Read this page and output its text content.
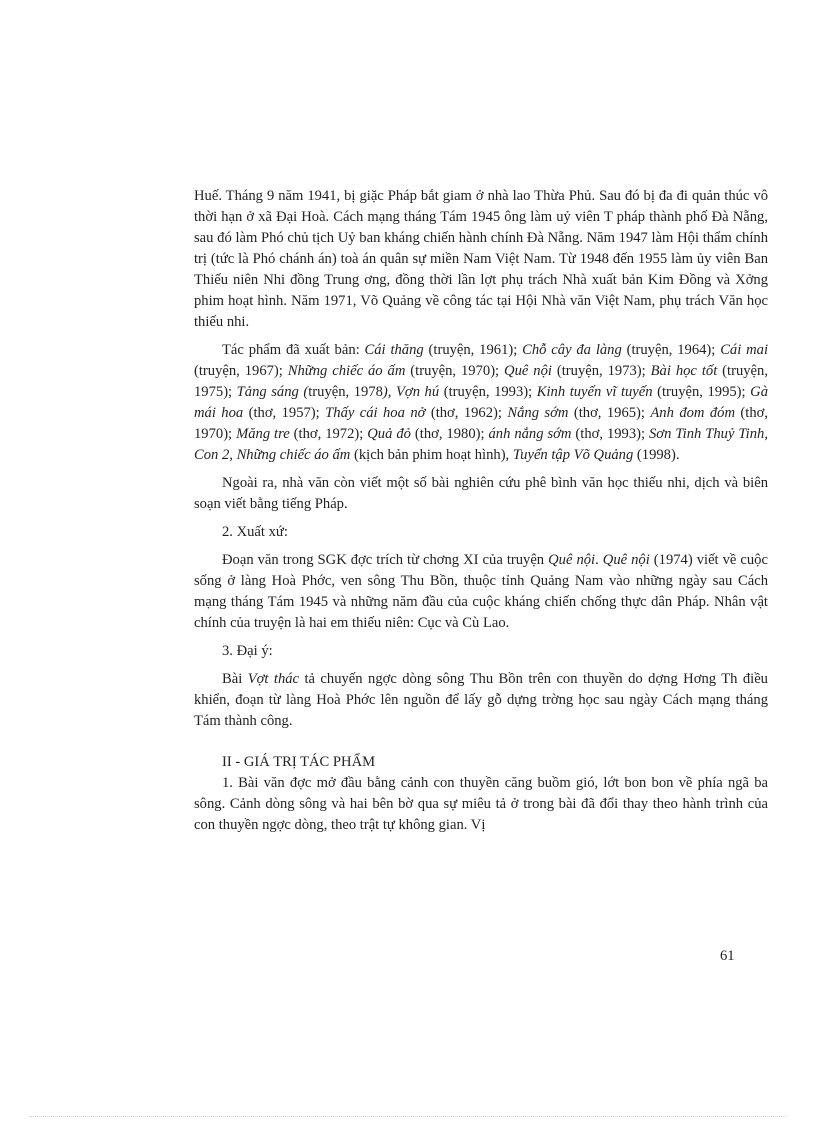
Huế. Tháng 9 năm 1941, bị giặc Pháp bắt giam ở nhà lao Thừa Phủ. Sau đó bị đa đi quản thúc vô thời hạn ở xã Đại Hoà. Cách mạng tháng Tám 1945 ông làm uỷ viên T pháp thành phố Đà Nẵng, sau đó làm Phó chủ tịch Uỷ ban kháng chiến hành chính Đà Nẵng. Năm 1947 làm Hội thẩm chính trị (tức là Phó chánh án) toà án quân sự miền Nam Việt Nam. Từ 1948 đến 1955 làm ủy viên Ban Thiếu niên Nhi đồng Trung ơng, đồng thời lần lợt phụ trách Nhà xuất bản Kim Đồng và Xởng phim hoạt hình. Năm 1971, Võ Quảng về công tác tại Hội Nhà văn Việt Nam, phụ trách Văn học thiếu nhi.

Tác phẩm đã xuất bản: Cái thăng (truyện, 1961); Chỗ cây đa làng (truyện, 1964); Cái mai (truyện, 1967); Những chiếc áo ấm (truyện, 1970); Quê nội (truyện, 1973); Bài học tốt (truyện, 1975); Tảng sáng (truyện, 1978), Vợn hú (truyện, 1993); Kinh tuyến vĩ tuyến (truyện, 1995); Gà mái hoa (thơ, 1957); Thấy cái hoa nở (thơ, 1962); Nắng sớm (thơ, 1965); Anh đom đóm (thơ, 1970); Măng tre (thơ, 1972); Quả đỏ (thơ, 1980); ánh nắng sớm (thơ, 1993); Sơn Tinh Thuỷ Tinh, Con 2, Những chiếc áo ấm (kịch bản phim hoạt hình), Tuyển tập Võ Quảng (1998).

Ngoài ra, nhà văn còn viết một số bài nghiên cứu phê bình văn học thiếu nhi, dịch và biên soạn viết bằng tiếng Pháp.

2. Xuất xứ:

Đoạn văn trong SGK đợc trích từ chơng XI của truyện Quê nội. Quê nội (1974) viết về cuộc sống ở làng Hoà Phớc, ven sông Thu Bồn, thuộc tỉnh Quảng Nam vào những ngày sau Cách mạng tháng Tám 1945 và những năm đầu của cuộc kháng chiến chống thực dân Pháp. Nhân vật chính của truyện là hai em thiếu niên: Cục và Cù Lao.

3. Đại ý:

Bài Vợt thác tả chuyến ngợc dòng sông Thu Bồn trên con thuyền do dợng Hơng Th điều khiển, đoạn từ làng Hoà Phớc lên nguồn để lấy gỗ dựng trờng học sau ngày Cách mạng tháng Tám thành công.

II - GIÁ TRỊ TÁC PHẨM

1. Bài văn đợc mở đầu bằng cảnh con thuyền căng buồm gió, lớt bon bon về phía ngã ba sông. Cảnh dòng sông và hai bên bờ qua sự miêu tả ở trong bài đã đổi thay theo hành trình của con thuyền ngợc dòng, theo trật tự không gian. Vị

61
